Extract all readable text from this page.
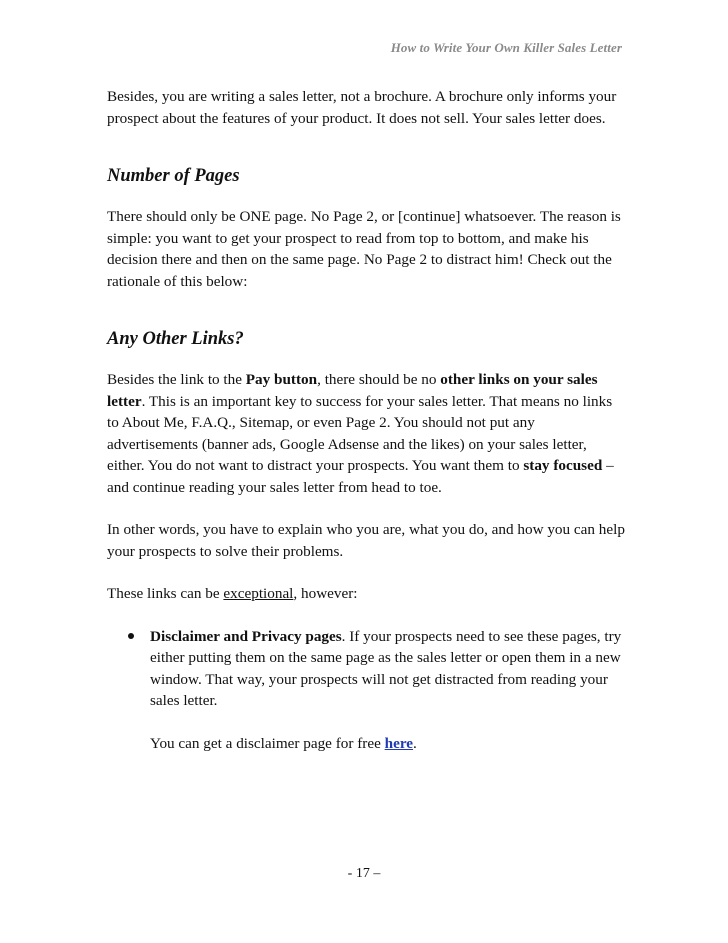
How to Write Your Own Killer Sales Letter

Besides, you are writing a sales letter, not a brochure. A brochure only informs your prospect about the features of your product. It does not sell. Your sales letter does.

Number of Pages

There should only be ONE page. No Page 2, or [continue] whatsoever. The reason is simple: you want to get your prospect to read from top to bottom, and make his decision there and then on the same page. No Page 2 to distract him! Check out the rationale of this below:

Any Other Links?

Besides the link to the Pay button, there should be no other links on your sales letter. This is an important key to success for your sales letter. That means no links to About Me, F.A.Q., Sitemap, or even Page 2. You should not put any advertisements (banner ads, Google Adsense and the likes) on your sales letter, either. You do not want to distract your prospects. You want them to stay focused – and continue reading your sales letter from head to toe.

In other words, you have to explain who you are, what you do, and how you can help your prospects to solve their problems.

These links can be exceptional, however:

Disclaimer and Privacy pages. If your prospects need to see these pages, try either putting them on the same page as the sales letter or open them in a new window. That way, your prospects will not get distracted from reading your sales letter.

You can get a disclaimer page for free here.

- 17 –
